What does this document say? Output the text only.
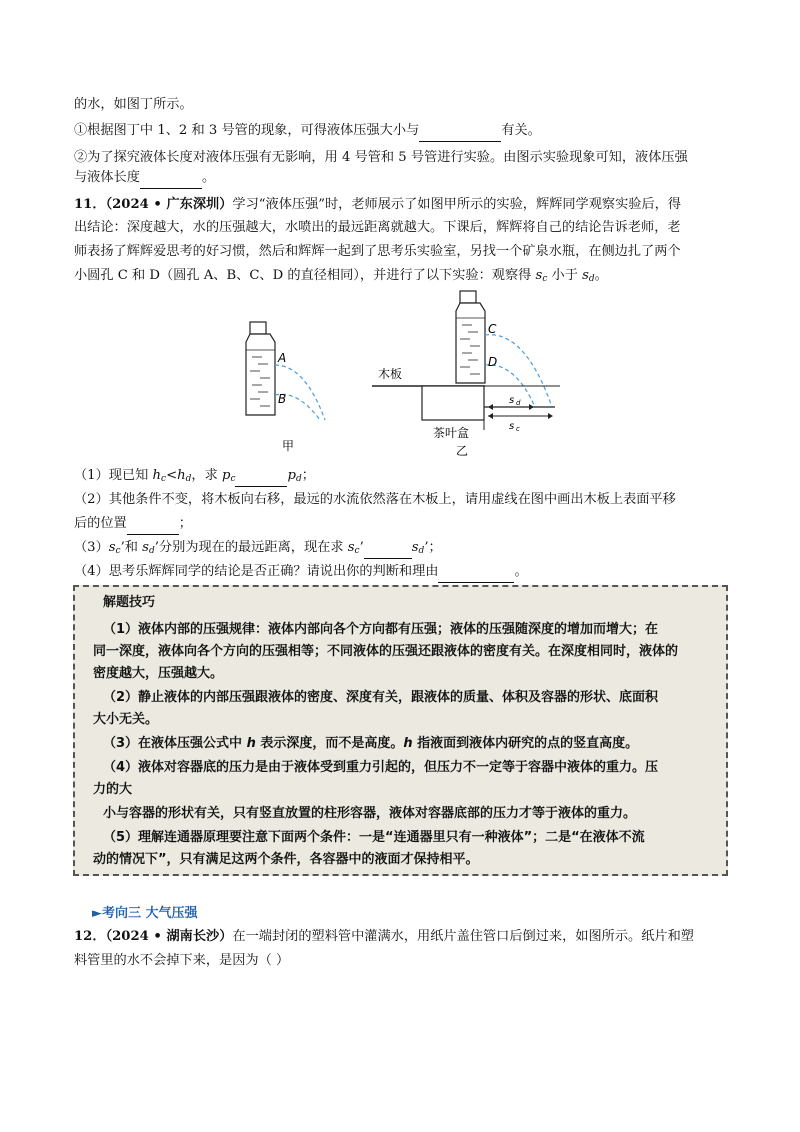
的水，如图丁所示。
①根据图丁中 1、2 和 3 号管的现象，可得液体压强大小与	有关。
②为了探究液体长度对液体压强有无影响，用 4 号管和 5 号管进行实验。由图示实验现象可知，液体压强
与液体长度	。
11．（2024 • 广东深圳）学习“液体压强”时，老师展示了如图甲所示的实验，辉辉同学观察实验后，得
出结论：深度越大，水的压强越大，水喷出的最远距离就越大。下课后，辉辉将自己的结论告诉老师，老
师表扬了辉辉爱思考的好习惯，然后和辉辉一起到了思考乐实验室，另找一个矿泉水瓶，在侧边扎了两个
小圆孔 C 和 D（圆孔 A、B、C、D 的直径相同），并进行了以下实验：观察得 $s_c$ 小于 $s_d$。
A
B
甲
C
D
木板
s d
s c
茶叶盒
乙
（1）现已知 $h_c<h_d$，求 $p_c$	$p_d$；
（2）其他条件不变，将木板向右移，最远的水流依然落在木板上，请用虚线在图中画出木板上表面平移
后的位置	；
$(3)s_c$’和 $s_d$’分别为现在的最远距离，现在求 $s_c$’	$s_d$’；
（4）思考乐辉辉同学的结论是否正确？请说出你的判断和理由	。
解题技巧
（1）液体内部的压强规律：液体内部向各个方向都有压强；液体的压强随深度的增加而增大；在
同一深度，液体向各个方向的压强相等；不同液体的压强还跟液体的密度有关。在深度相同时，液体的
密度越大，压强越大。
（2）静止液体的内部压强跟液体的密度、深度有关，跟液体的质量、体积及容器的形状、底面积
大小无关。
（3）在液体压强公式中 h 表示深度，而不是高度。h 指液面到液体内研究的点的竖直高度。
（4）液体对容器底的压力是由于液体受到重力引起的，但压力不一定等于容器中液体的重力。压
力的大
小与容器的形状有关，只有竖直放置的柱形容器，液体对容器底部的压力才等于液体的重力。
（5）理解连通器原理要注意下面两个条件：一是“连通器里只有一种液体”；二是“在液体不流
动的情况下”，只有满足这两个条件，各容器中的液面才保持相平。
►考向三 大气压强
12．（2024 • 湖南长沙）在一端封闭的塑料管中灌满水，用纸片盖住管口后倒过来，如图所示。纸片和塑
料管里的水不会掉下来，是因为（ ）
